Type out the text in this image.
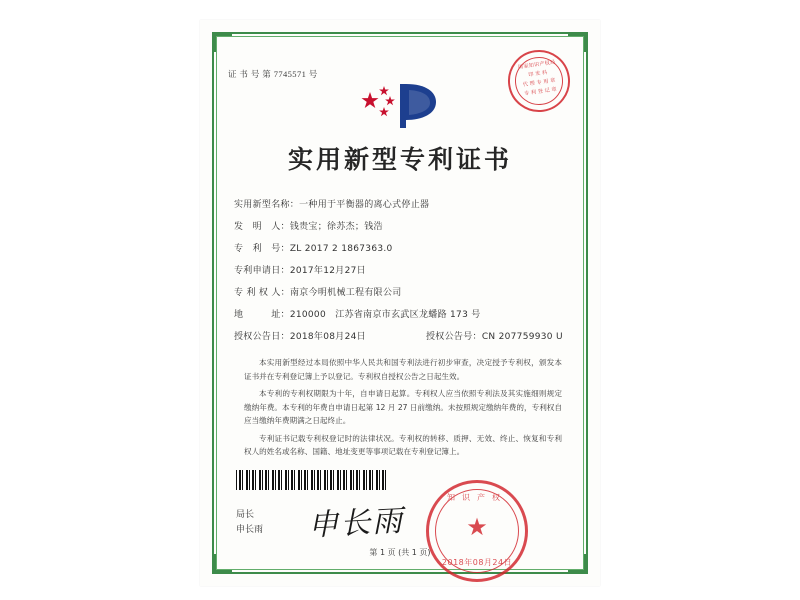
证 书 号 第 7745571 号
国家知识产权局
印 发 科
代 理 专 用 章
专 利 登 记 章
实用新型专利证书
实用新型名称：一种用于平衡器的离心式停止器
发　明　人：钱贵宝；徐苏杰；钱浩
专　利　号：ZL 2017 2 1867363.0
专利申请日：2017年12月27日
专 利 权 人：南京今明机械工程有限公司
地　　　址：210000　江苏省南京市玄武区龙蟠路 173 号
授权公告日：2018年08月24日	授权公告号：CN 207759930 U

本实用新型经过本局依照中华人民共和国专利法进行初步审查，决定授予专利权，颁发本证书并在专利登记簿上予以登记。专利权自授权公告之日起生效。

本专利的专利权期限为十年，自申请日起算。专利权人应当依照专利法及其实施细则规定缴纳年费。本专利的年费自申请日起第 12 月 27 日前缴纳。未按照规定缴纳年费的，专利权自应当缴纳年费期满之日起终止。

专利证书记载专利权登记时的法律状况。专利权的转移、质押、无效、终止、恢复和专利权人的姓名或名称、国籍、地址变更等事项记载在专利登记簿上。

局长
申长雨 申长雨
知识产权
★
2018年08月24日
第 1 页 (共 1 页)
